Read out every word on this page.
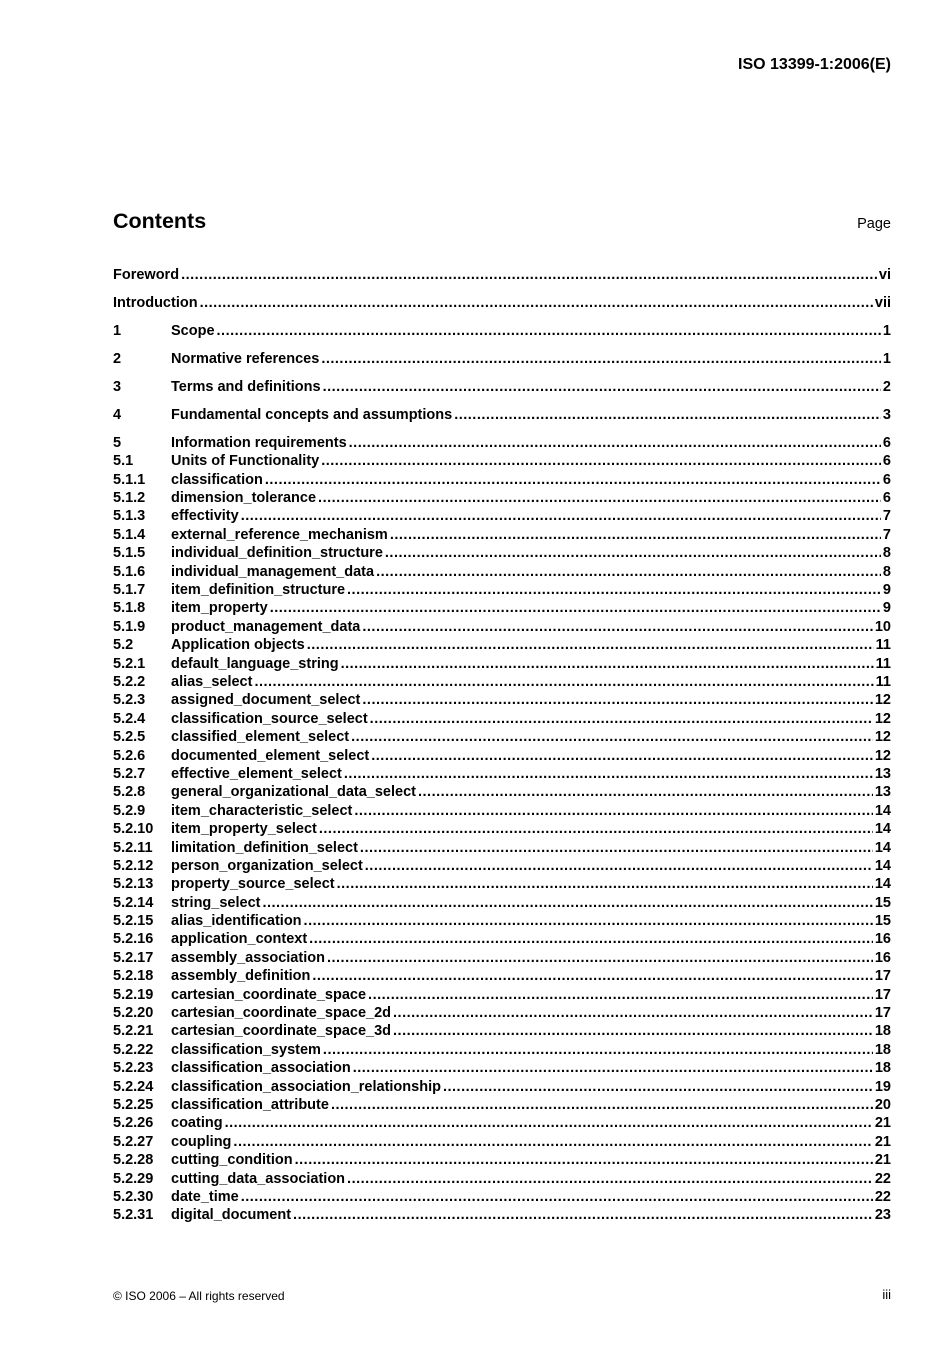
ISO 13399-1:2006(E)
Contents	Page
Foreword .....	vi
Introduction .....	vii
1	Scope .....	1
2	Normative references .....	1
3	Terms and definitions .....	2
4	Fundamental concepts and assumptions .....	3
5	Information requirements .....	6
5.1	Units of Functionality .....	6
5.1.1	classification .....	6
5.1.2	dimension_tolerance .....	6
5.1.3	effectivity .....	7
5.1.4	external_reference_mechanism .....	7
5.1.5	individual_definition_structure .....	8
5.1.6	individual_management_data .....	8
5.1.7	item_definition_structure .....	9
5.1.8	item_property .....	9
5.1.9	product_management_data .....	10
5.2	Application objects .....	11
5.2.1	default_language_string .....	11
5.2.2	alias_select .....	11
5.2.3	assigned_document_select .....	12
5.2.4	classification_source_select .....	12
5.2.5	classified_element_select .....	12
5.2.6	documented_element_select .....	12
5.2.7	effective_element_select .....	13
5.2.8	general_organizational_data_select .....	13
5.2.9	item_characteristic_select .....	14
5.2.10	item_property_select .....	14
5.2.11	limitation_definition_select .....	14
5.2.12	person_organization_select .....	14
5.2.13	property_source_select .....	14
5.2.14	string_select .....	15
5.2.15	alias_identification .....	15
5.2.16	application_context .....	16
5.2.17	assembly_association .....	16
5.2.18	assembly_definition .....	17
5.2.19	cartesian_coordinate_space .....	17
5.2.20	cartesian_coordinate_space_2d .....	17
5.2.21	cartesian_coordinate_space_3d .....	18
5.2.22	classification_system .....	18
5.2.23	classification_association .....	18
5.2.24	classification_association_relationship .....	19
5.2.25	classification_attribute .....	20
5.2.26	coating .....	21
5.2.27	coupling .....	21
5.2.28	cutting_condition .....	21
5.2.29	cutting_data_association .....	22
5.2.30	date_time .....	22
5.2.31	digital_document .....	23
© ISO 2006 – All rights reserved	iii
